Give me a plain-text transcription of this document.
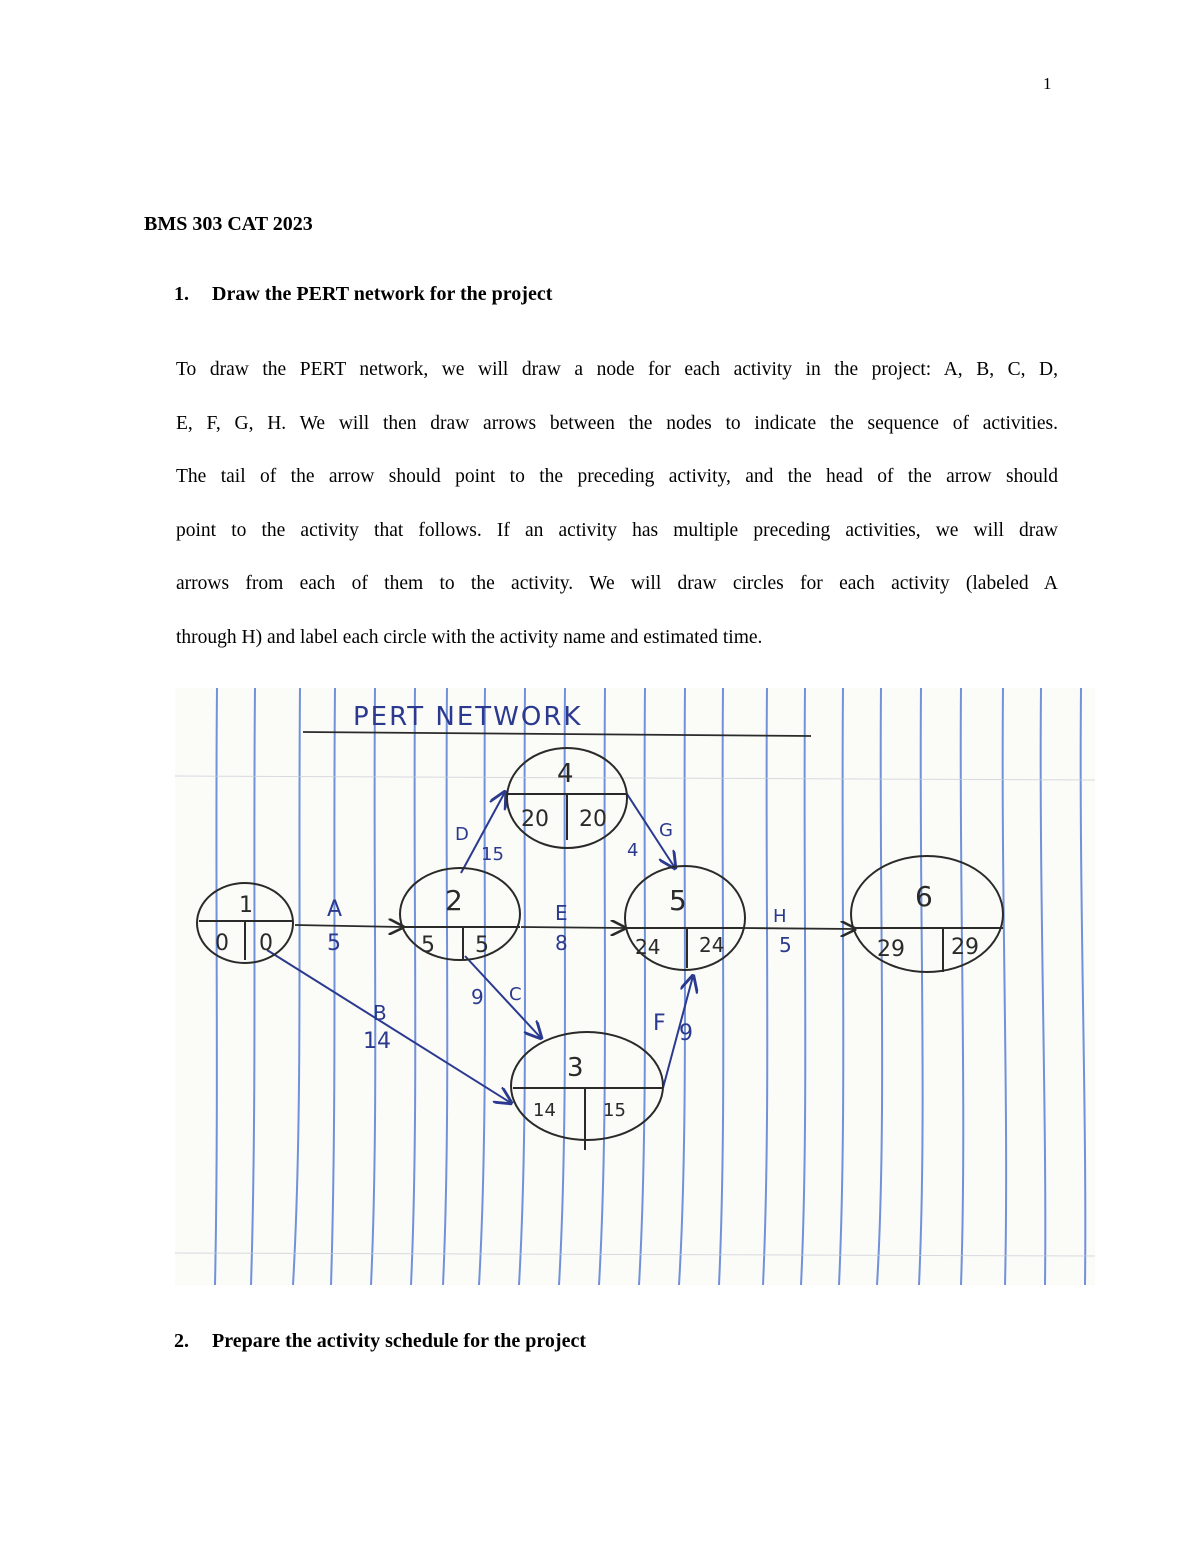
1
BMS 303 CAT 2023
1. Draw the PERT network for the project

To draw the PERT network, we will draw a node for each activity in the project: A, B, C, D,
E, F, G, H. We will then draw arrows between the nodes to indicate the sequence of activities.
The tail of the arrow should point to the preceding activity, and the head of the arrow should
point to the activity that follows. If an activity has multiple preceding activities, we will draw
arrows from each of them to the activity. We will draw circles for each activity (labeled A
through H) and label each circle with the activity name and estimated time.

PERT NETWORK
A
5
B
14
C
9
D
15
E
8
F 9
G
4
H
5
1
0 0
2
5 5
4
20 20
5
24 24
3
14	15
6
29 29
2. Prepare the activity schedule for the project
